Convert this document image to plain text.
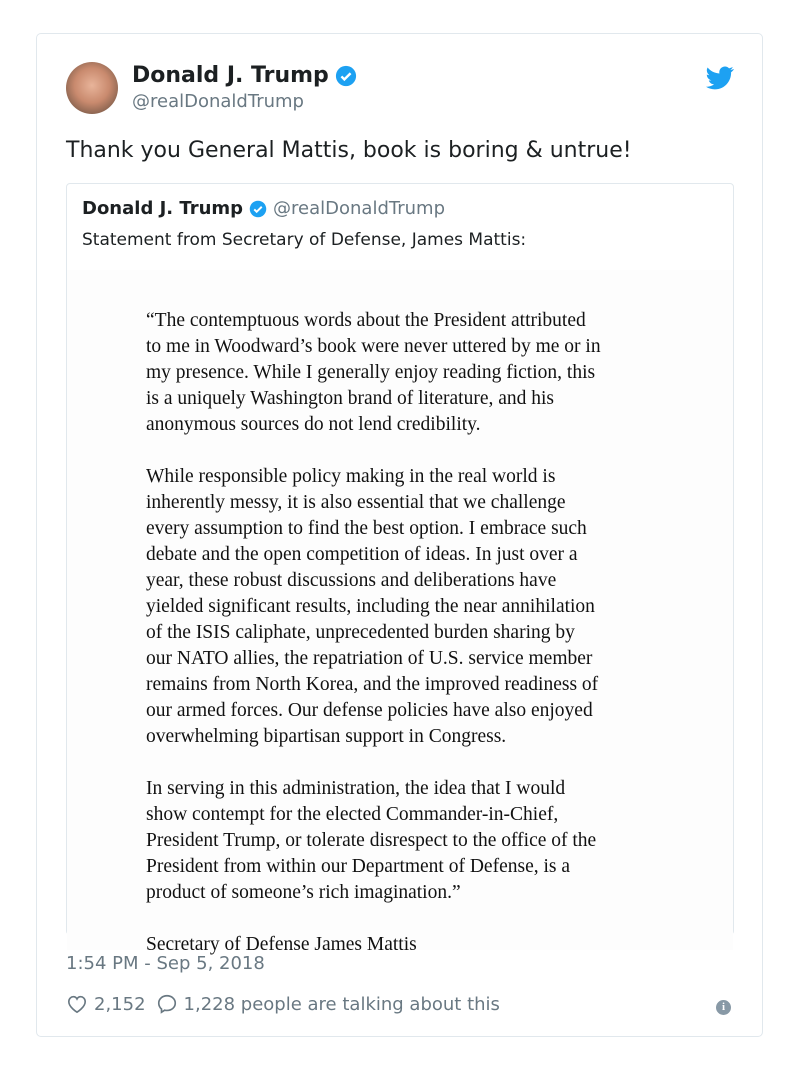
Donald J. Trump
@realDonaldTrump
Thank you General Mattis, book is boring & untrue!
Donald J. Trump @realDonaldTrump
Statement from Secretary of Defense, James Mattis:
“The contemptuous words about the President attributed
to me in Woodward’s book were never uttered by me or in
my presence. While I generally enjoy reading fiction, this
is a uniquely Washington brand of literature, and his
anonymous sources do not lend credibility.
While responsible policy making in the real world is
inherently messy, it is also essential that we challenge
every assumption to find the best option. I embrace such
debate and the open competition of ideas. In just over a
year, these robust discussions and deliberations have
yielded significant results, including the near annihilation
of the ISIS caliphate, unprecedented burden sharing by
our NATO allies, the repatriation of U.S. service member
remains from North Korea, and the improved readiness of
our armed forces. Our defense policies have also enjoyed
overwhelming bipartisan support in Congress.
In serving in this administration, the idea that I would
show contempt for the elected Commander-in-Chief,
President Trump, or tolerate disrespect to the office of the
President from within our Department of Defense, is a
product of someone’s rich imagination.”
Secretary of Defense James Mattis
1:54 PM - Sep 5, 2018
2,152 1,228 people are talking about this	i
